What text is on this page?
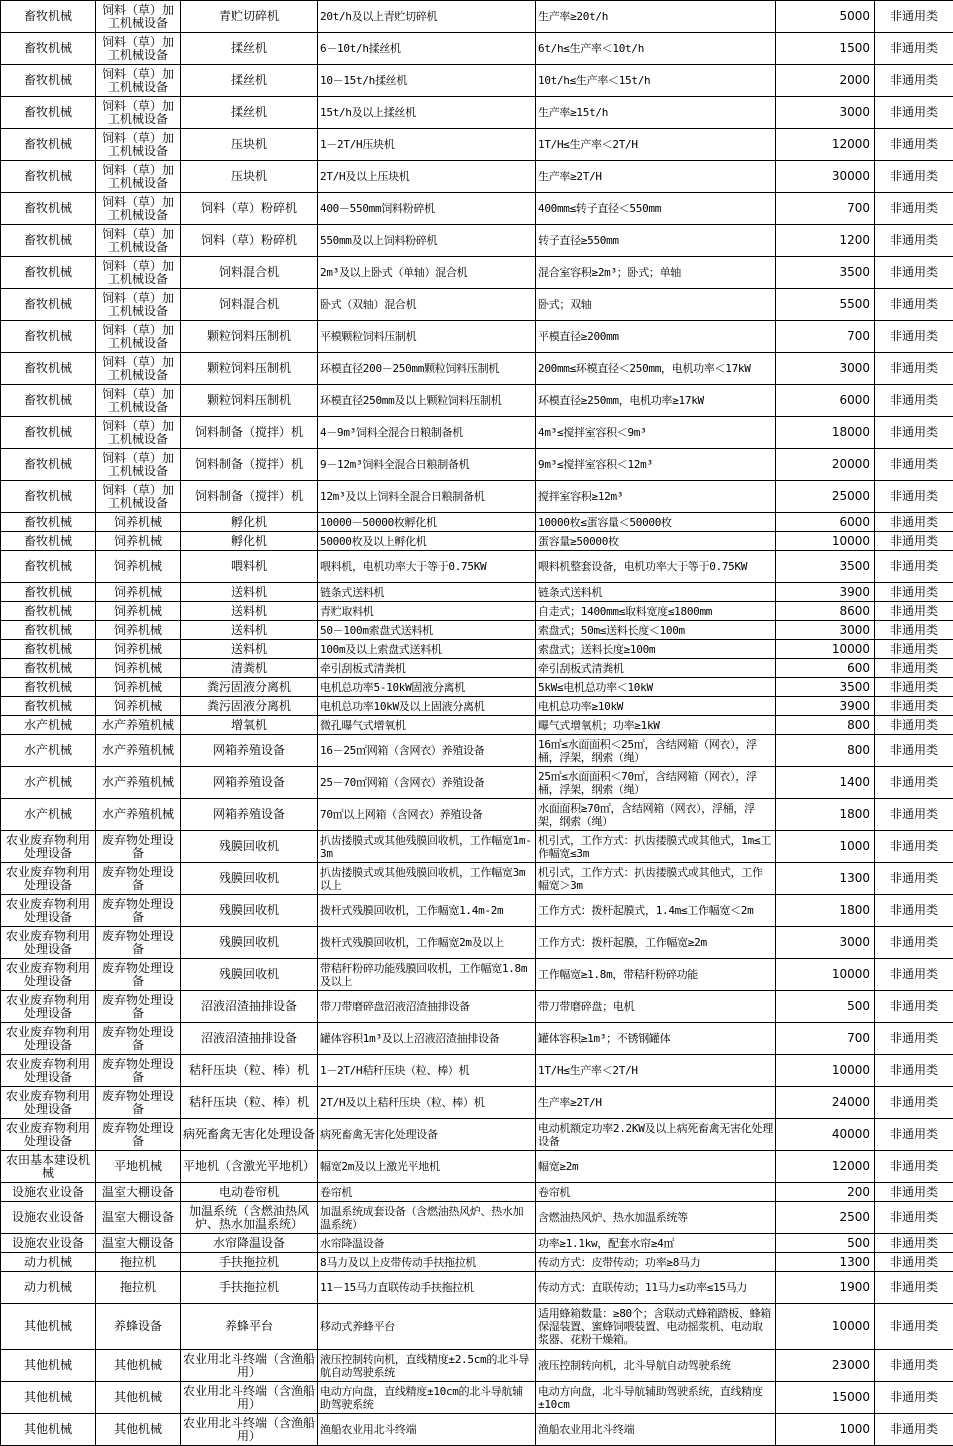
畜牧机械	饲料（草）加工机械设备	青贮切碎机	20t/h及以上青贮切碎机	生产率≥20t/h	5000	非通用类
畜牧机械	饲料（草）加工机械设备	揉丝机	6－10t/h揉丝机	6t/h≤生产率＜10t/h	1500	非通用类
畜牧机械	饲料（草）加工机械设备	揉丝机	10－15t/h揉丝机	10t/h≤生产率＜15t/h	2000	非通用类
畜牧机械	饲料（草）加工机械设备	揉丝机	15t/h及以上揉丝机	生产率≥15t/h	3000	非通用类
畜牧机械	饲料（草）加工机械设备	压块机	1－2T/H压块机	1T/H≤生产率＜2T/H	12000	非通用类
畜牧机械	饲料（草）加工机械设备	压块机	2T/H及以上压块机	生产率≥2T/H	30000	非通用类
畜牧机械	饲料（草）加工机械设备	饲料（草）粉碎机	400－550mm饲料粉碎机	400mm≤转子直径＜550mm	700	非通用类
畜牧机械	饲料（草）加工机械设备	饲料（草）粉碎机	550mm及以上饲料粉碎机	转子直径≥550mm	1200	非通用类
畜牧机械	饲料（草）加工机械设备	饲料混合机	2m³及以上卧式（单轴）混合机	混合室容积≥2m³；卧式；单轴	3500	非通用类
畜牧机械	饲料（草）加工机械设备	饲料混合机	卧式（双轴）混合机	卧式；双轴	5500	非通用类
畜牧机械	饲料（草）加工机械设备	颗粒饲料压制机	平模颗粒饲料压制机	平模直径≥200mm	700	非通用类
畜牧机械	饲料（草）加工机械设备	颗粒饲料压制机	环模直径200－250mm颗粒饲料压制机	200mm≤环模直径＜250mm，电机功率＜17kW	3000	非通用类
畜牧机械	饲料（草）加工机械设备	颗粒饲料压制机	环模直径250mm及以上颗粒饲料压制机	环模直径≥250mm，电机功率≥17kW	6000	非通用类
畜牧机械	饲料（草）加工机械设备	饲料制备（搅拌）机	4－9m³饲料全混合日粮制备机	4m³≤搅拌室容积＜9m³	18000	非通用类
畜牧机械	饲料（草）加工机械设备	饲料制备（搅拌）机	9－12m³饲料全混合日粮制备机	9m³≤搅拌室容积＜12m³	20000	非通用类
畜牧机械	饲料（草）加工机械设备	饲料制备（搅拌）机	12m³及以上饲料全混合日粮制备机	搅拌室容积≥12m³	25000	非通用类
畜牧机械	饲养机械	孵化机	10000－50000枚孵化机	10000枚≤蛋容量＜50000枚	6000	非通用类
畜牧机械	饲养机械	孵化机	50000枚及以上孵化机	蛋容量≥50000枚	10000	非通用类
畜牧机械	饲养机械	喂料机	喂料机，电机功率大于等于0.75KW	喂料机整套设备，电机功率大于等于0.75KW	3500	非通用类
畜牧机械	饲养机械	送料机	链条式送料机	链条式送料机	3900	非通用类
畜牧机械	饲养机械	送料机	青贮取料机	自走式；1400mm≤取料宽度≤1800mm	8600	非通用类
畜牧机械	饲养机械	送料机	50－100m索盘式送料机	索盘式；50m≤送料长度＜100m	3000	非通用类
畜牧机械	饲养机械	送料机	100m及以上索盘式送料机	索盘式；送料长度≥100m	10000	非通用类
畜牧机械	饲养机械	清粪机	牵引刮板式清粪机	牵引刮板式清粪机	600	非通用类
畜牧机械	饲养机械	粪污固液分离机	电机总功率5-10kW固液分离机	5kW≤电机总功率＜10kW	3500	非通用类
畜牧机械	饲养机械	粪污固液分离机	电机总功率10kW及以上固液分离机	电机总功率≥10kW	3900	非通用类
水产机械	水产养殖机械	增氧机	微孔曝气式增氧机	曝气式增氧机；功率≥1kW	800	非通用类
水产机械	水产养殖机械	网箱养殖设备	16－25㎡网箱（含网衣）养殖设备	16㎡≤水面面积＜25㎡，含结网箱（网衣），浮桶，浮架，纲索（绳）	800	非通用类
水产机械	水产养殖机械	网箱养殖设备	25－70㎡网箱（含网衣）养殖设备	25㎡≤水面面积＜70㎡，含结网箱（网衣），浮桶，浮架，纲索（绳）	1400	非通用类
水产机械	水产养殖机械	网箱养殖设备	70㎡以上网箱（含网衣）养殖设备	水面面积≥70㎡，含结网箱（网衣），浮桶，浮架，纲索（绳）	1800	非通用类
农业废弃物利用处理设备	废弃物处理设备	残膜回收机	扒齿搂膜式或其他残膜回收机，工作幅宽1m-3m	机引式，工作方式：扒齿搂膜式或其他式，1m≤工作幅宽≤3m	1000	非通用类
农业废弃物利用处理设备	废弃物处理设备	残膜回收机	扒齿搂膜式或其他残膜回收机，工作幅宽3m以上	机引式，工作方式：扒齿搂膜式或其他式，工作幅宽＞3m	1300	非通用类
农业废弃物利用处理设备	废弃物处理设备	残膜回收机	拨杆式残膜回收机，工作幅宽1.4m-2m	工作方式：拨杆起膜式，1.4m≤工作幅宽＜2m	1800	非通用类
农业废弃物利用处理设备	废弃物处理设备	残膜回收机	拨杆式残膜回收机，工作幅宽2m及以上	工作方式：拨杆起膜，工作幅宽≥2m	3000	非通用类
农业废弃物利用处理设备	废弃物处理设备	残膜回收机	带秸秆粉碎功能残膜回收机，工作幅宽1.8m及以上	工作幅宽≥1.8m，带秸秆粉碎功能	10000	非通用类
农业废弃物利用处理设备	废弃物处理设备	沼液沼渣抽排设备	带刀带磨碎盘沼液沼渣抽排设备	带刀带磨碎盘；电机	500	非通用类
农业废弃物利用处理设备	废弃物处理设备	沼液沼渣抽排设备	罐体容积1m³及以上沼液沼渣抽排设备	罐体容积≥1m³；不锈钢罐体	700	非通用类
农业废弃物利用处理设备	废弃物处理设备	秸秆压块（粒、棒）机	1－2T/H秸秆压块（粒、棒）机	1T/H≤生产率＜2T/H	10000	非通用类
农业废弃物利用处理设备	废弃物处理设备	秸秆压块（粒、棒）机	2T/H及以上秸秆压块（粒、棒）机	生产率≥2T/H	24000	非通用类
农业废弃物利用处理设备	废弃物处理设备	病死畜禽无害化处理设备	病死畜禽无害化处理设备	电动机额定功率2.2KW及以上病死畜禽无害化处理设备	40000	非通用类
农田基本建设机械	平地机械	平地机（含激光平地机）	幅宽2m及以上激光平地机	幅宽≥2m	12000	非通用类
设施农业设备	温室大棚设备	电动卷帘机	卷帘机	卷帘机	200	非通用类
设施农业设备	温室大棚设备	加温系统（含燃油热风炉、热水加温系统）	加温系统成套设备（含燃油热风炉、热水加温系统）	含燃油热风炉、热水加温系统等	2500	非通用类
设施农业设备	温室大棚设备	水帘降温设备	水帘降温设备	功率≥1.1kw，配套水帘≥4㎡	500	非通用类
动力机械	拖拉机	手扶拖拉机	8马力及以上皮带传动手扶拖拉机	传动方式：皮带传动；功率≥8马力	1300	非通用类
动力机械	拖拉机	手扶拖拉机	11－15马力直联传动手扶拖拉机	传动方式：直联传动；11马力≤功率≤15马力	1900	非通用类
其他机械	养蜂设备	养蜂平台	移动式养蜂平台	适用蜂箱数量：≥80个；含联动式蜂箱踏板、蜂箱保湿装置、蜜蜂饲喂装置、电动摇浆机、电动取浆器、花粉干燥箱。	10000	非通用类
其他机械	其他机械	农业用北斗终端（含渔船用）	液压控制转向机，直线精度±2.5cm的北斗导航自动驾驶系统	液压控制转向机，北斗导航自动驾驶系统	23000	非通用类
其他机械	其他机械	农业用北斗终端（含渔船用）	电动方向盘，直线精度±10cm的北斗导航辅助驾驶系统	电动方向盘，北斗导航辅助驾驶系统，直线精度±10cm	15000	非通用类
其他机械	其他机械	农业用北斗终端（含渔船用）	渔船农业用北斗终端	渔船农业用北斗终端	1000	非通用类
